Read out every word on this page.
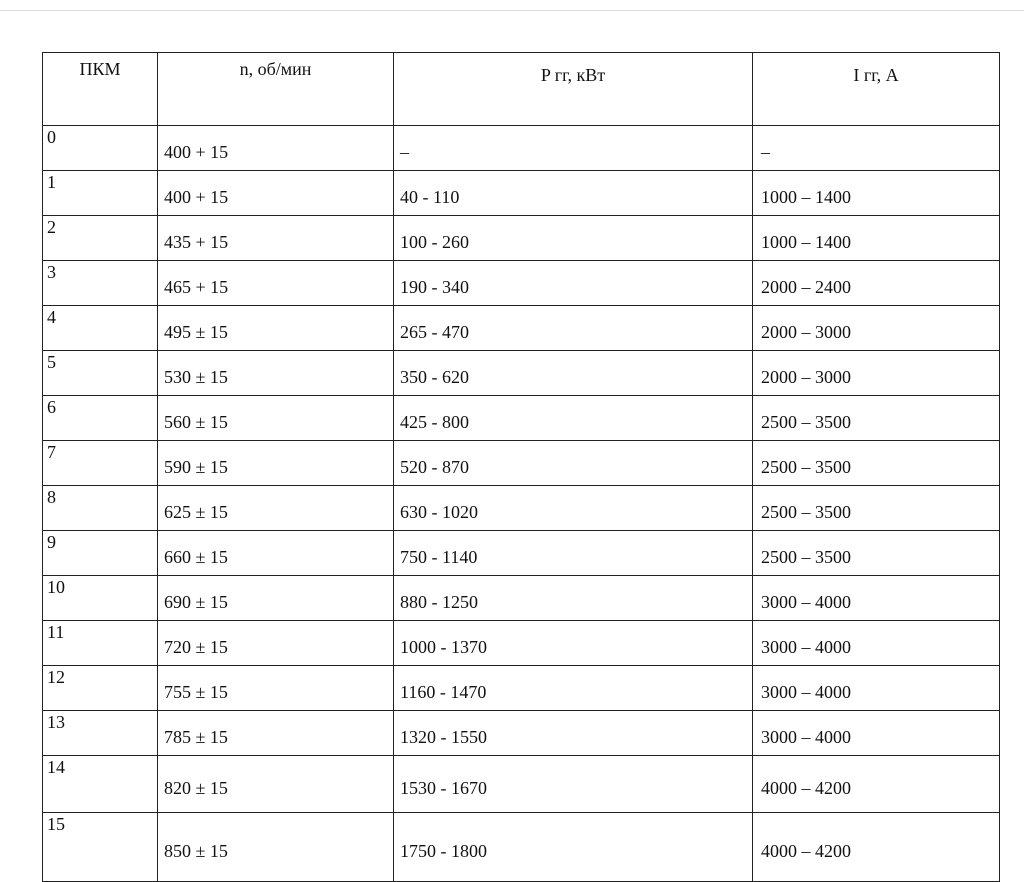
ПКМ	n, об/мин	P гг, кВт	I гг, А
0	400 + 15	–	–
1	400 + 15	40 - 110	1000 – 1400
2	435 + 15	100 - 260	1000 – 1400
3	465 + 15	190 - 340	2000 – 2400
4	495 ± 15	265 - 470	2000 – 3000
5	530 ± 15	350 - 620	2000 – 3000
6	560 ± 15	425 - 800	2500 – 3500
7	590 ± 15	520 - 870	2500 – 3500
8	625 ± 15	630 - 1020	2500 – 3500
9	660 ± 15	750 - 1140	2500 – 3500
10	690 ± 15	880 - 1250	3000 – 4000
11	720 ± 15	1000 - 1370	3000 – 4000
12	755 ± 15	1160 - 1470	3000 – 4000
13	785 ± 15	1320 - 1550	3000 – 4000
14	820 ± 15	1530 - 1670	4000 – 4200
15	850 ± 15	1750 - 1800	4000 – 4200
